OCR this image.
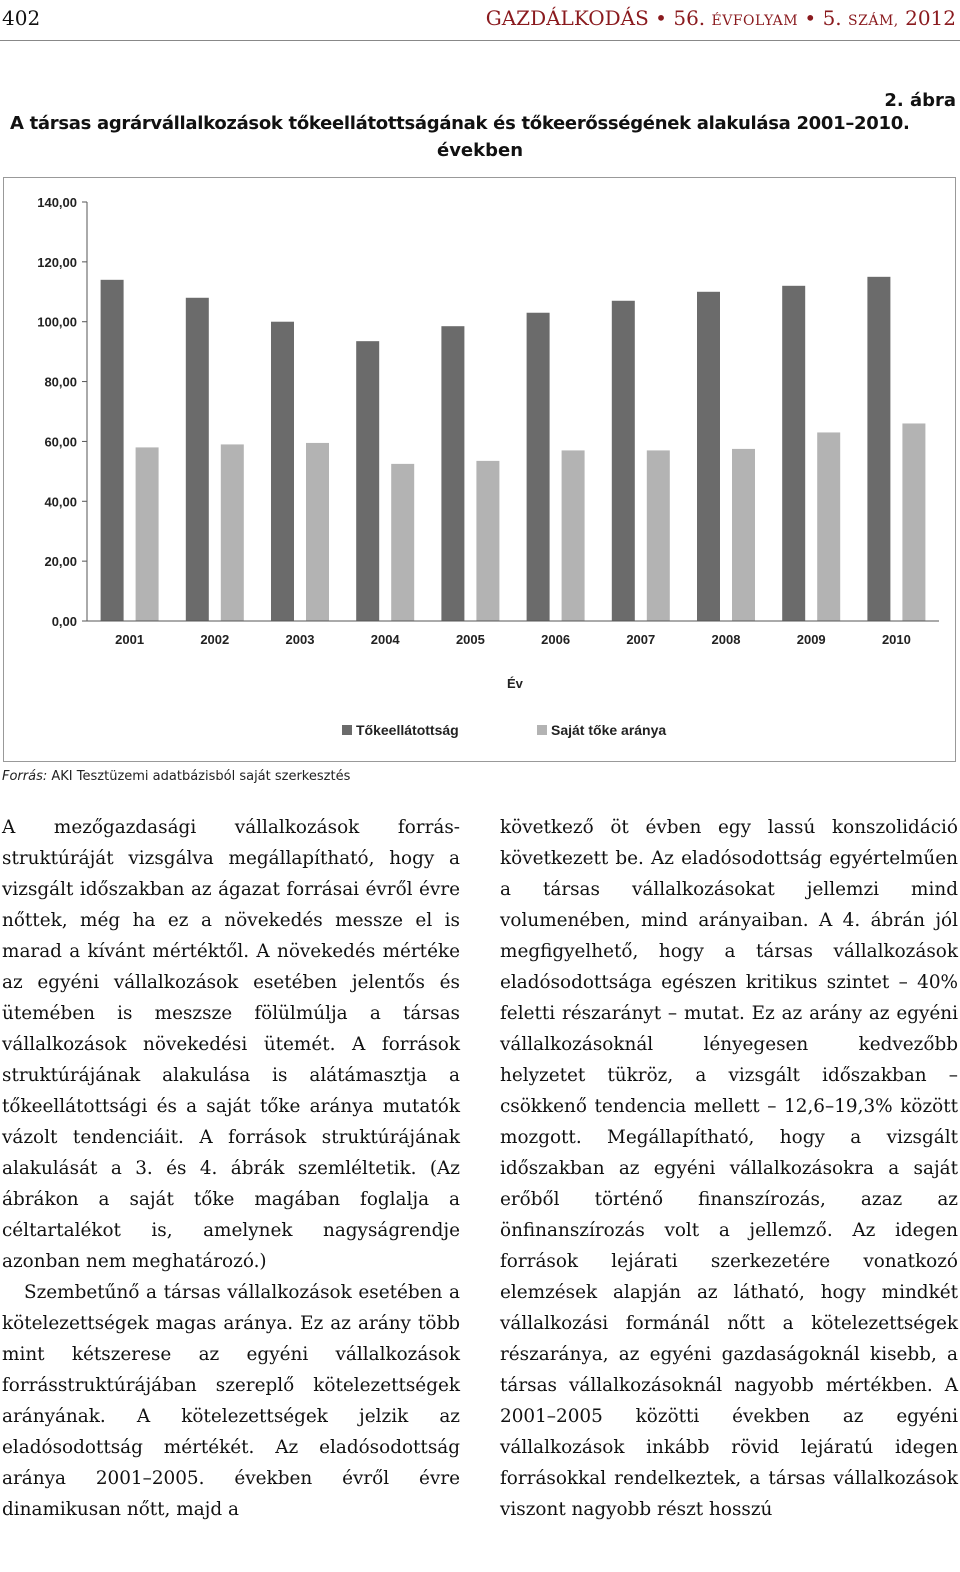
402	GAZDÁLKODÁS • 56. ÉVFOLYAM • 5. SZÁM, 2012
2. ábra
A társas agrárvállalkozások tőkeellátottságának és tőkeerősségének alakulása 2001–2010.
években
0,00
20,00
40,00
60,00
80,00
100,00
120,00
140,00
2001	2002	2003	2004	2005	2006	2007	2008	2009	2010
Év
Tőkeellátottság	Saját tőke aránya
Forrás: AKI Tesztüzemi adatbázisból saját szerkesztés

A mezőgazdasági vállalkozások forrásstruktúráját vizsgálva megállapítható, hogy a vizsgált időszakban az ágazat forrásai évről évre nőttek, még ha ez a növekedés messze el is marad a kívánt mértéktől. A növekedés mértéke az egyéni vállalkozások esetében jelentős és ütemében is meszsze fölülmúlja a társas vállalkozások növekedési ütemét. A források struktúrájának alakulása is alátámasztja a tőkeellátottsági és a saját tőke aránya mutatók vázolt tendenciáit. A források struktúrájának alakulását a 3. és 4. ábrák szemléltetik. (Az ábrákon a saját tőke magában foglalja a céltartalékot is, amelynek nagyságrendje azonban nem meghatározó.)

Szembetűnő a társas vállalkozások esetében a kötelezettségek magas aránya. Ez az arány több mint kétszerese az egyéni vállalkozások forrásstruktúrájában szereplő kötelezettségek arányának. A kötelezettségek jelzik az eladósodottság mértékét. Az eladósodottság aránya 2001–2005. években évről évre dinamikusan nőtt, majd a

következő öt évben egy lassú konszolidáció következett be. Az eladósodottság egyértelműen a társas vállalkozásokat jellemzi mind volumenében, mind arányaiban. A 4. ábrán jól megfigyelhető, hogy a társas vállalkozások eladósodottsága egészen kritikus szintet – 40% feletti részarányt – mutat. Ez az arány az egyéni vállalkozásoknál lényegesen kedvezőbb helyzetet tükröz, a vizsgált időszakban – csökkenő tendencia mellett – 12,6–19,3% között mozgott. Megállapítható, hogy a vizsgált időszakban az egyéni vállalkozásokra a saját erőből történő finanszírozás, azaz az önfinanszírozás volt a jellemző. Az idegen források lejárati szerkezetére vonatkozó elemzések alapján az látható, hogy mindkét vállalkozási formánál nőtt a kötelezettségek részaránya, az egyéni gazdaságoknál kisebb, a társas vállalkozásoknál nagyobb mértékben. A 2001–2005 közötti években az egyéni vállalkozások inkább rövid lejáratú idegen forrásokkal rendelkeztek, a társas vállalkozások viszont nagyobb részt hosszú
